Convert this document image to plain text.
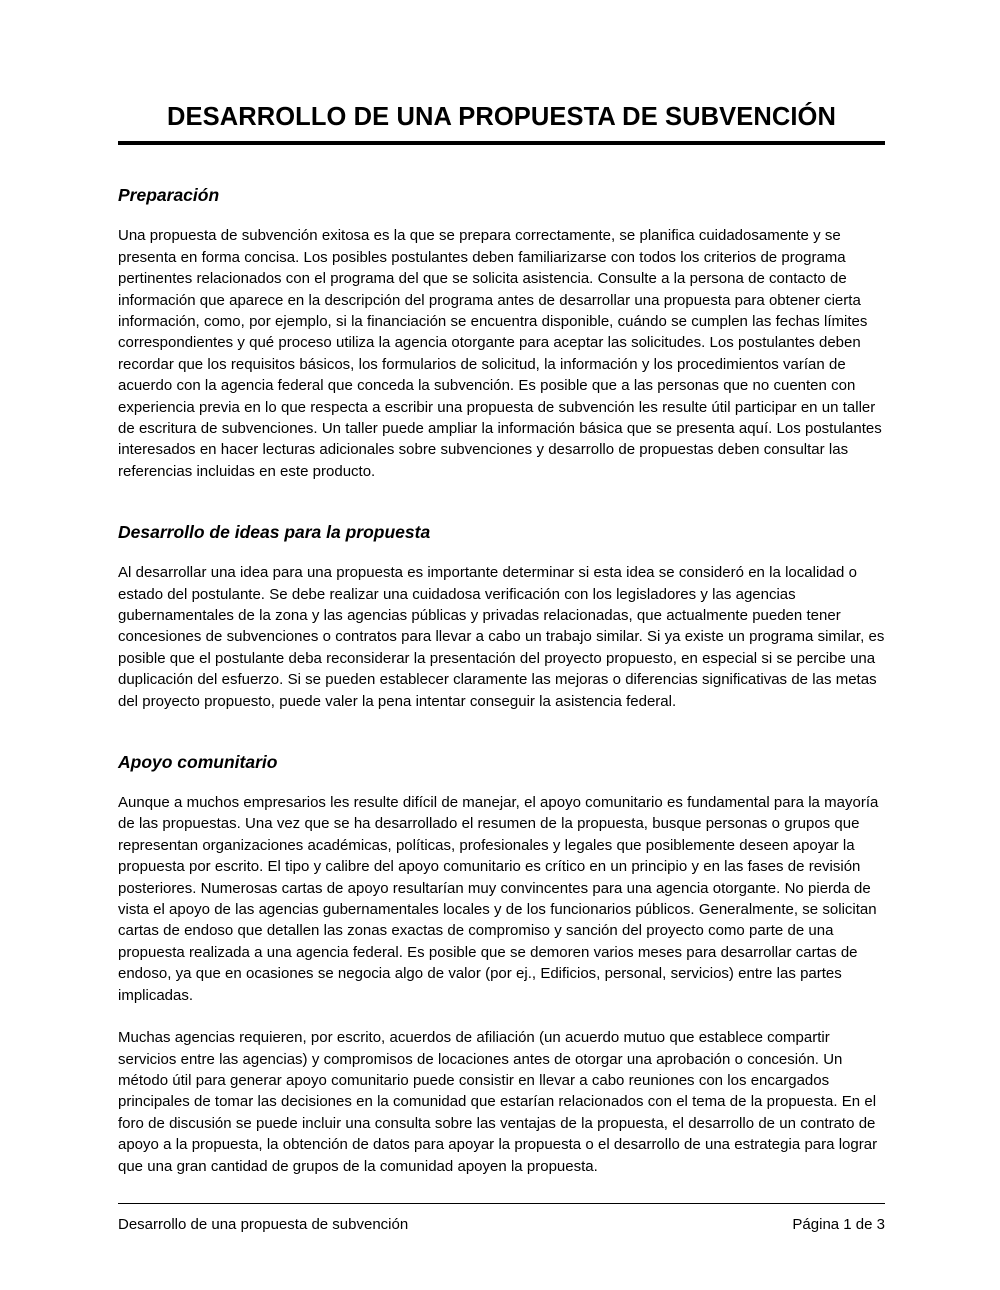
DESARROLLO DE UNA PROPUESTA DE SUBVENCIÓN
Preparación

Una propuesta de subvención exitosa es la que se prepara correctamente, se planifica cuidadosamente y se presenta en forma concisa. Los posibles postulantes deben familiarizarse con todos los criterios de programa pertinentes relacionados con el programa del que se solicita asistencia. Consulte a la persona de contacto de información que aparece en la descripción del programa antes de desarrollar una propuesta para obtener cierta información, como, por ejemplo, si la financiación se encuentra disponible, cuándo se cumplen las fechas límites correspondientes y qué proceso utiliza la agencia otorgante para aceptar las solicitudes. Los postulantes deben recordar que los requisitos básicos, los formularios de solicitud, la información y los procedimientos varían de acuerdo con la agencia federal que conceda la subvención. Es posible que a las personas que no cuenten con experiencia previa en lo que respecta a escribir una propuesta de subvención les resulte útil participar en un taller de escritura de subvenciones. Un taller puede ampliar la información básica que se presenta aquí. Los postulantes interesados en hacer lecturas adicionales sobre subvenciones y desarrollo de propuestas deben consultar las referencias incluidas en este producto.

Desarrollo de ideas para la propuesta

Al desarrollar una idea para una propuesta es importante determinar si esta idea se consideró en la localidad o estado del postulante. Se debe realizar una cuidadosa verificación con los legisladores y las agencias gubernamentales de la zona y las agencias públicas y privadas relacionadas, que actualmente pueden tener concesiones de subvenciones o contratos para llevar a cabo un trabajo similar. Si ya existe un programa similar, es posible que el postulante deba reconsiderar la presentación del proyecto propuesto, en especial si se percibe una duplicación del esfuerzo. Si se pueden establecer claramente las mejoras o diferencias significativas de las metas del proyecto propuesto, puede valer la pena intentar conseguir la asistencia federal.

Apoyo comunitario

Aunque a muchos empresarios les resulte difícil de manejar, el apoyo comunitario es fundamental para la mayoría de las propuestas. Una vez que se ha desarrollado el resumen de la propuesta, busque personas o grupos que representan organizaciones académicas, políticas, profesionales y legales que posiblemente deseen apoyar la propuesta por escrito. El tipo y calibre del apoyo comunitario es crítico en un principio y en las fases de revisión posteriores. Numerosas cartas de apoyo resultarían muy convincentes para una agencia otorgante. No pierda de vista el apoyo de las agencias gubernamentales locales y de los funcionarios públicos. Generalmente, se solicitan cartas de endoso que detallen las zonas exactas de compromiso y sanción del proyecto como parte de una propuesta realizada a una agencia federal. Es posible que se demoren varios meses para desarrollar cartas de endoso, ya que en ocasiones se negocia algo de valor (por ej., Edificios, personal, servicios) entre las partes implicadas.

Muchas agencias requieren, por escrito, acuerdos de afiliación (un acuerdo mutuo que establece compartir servicios entre las agencias) y compromisos de locaciones antes de otorgar una aprobación o concesión. Un método útil para generar apoyo comunitario puede consistir en llevar a cabo reuniones con los encargados principales de tomar las decisiones en la comunidad que estarían relacionados con el tema de la propuesta. En el foro de discusión se puede incluir una consulta sobre las ventajas de la propuesta, el desarrollo de un contrato de apoyo a la propuesta, la obtención de datos para apoyar la propuesta o el desarrollo de una estrategia para lograr que una gran cantidad de grupos de la comunidad apoyen la propuesta.

Desarrollo de una propuesta de subvención	Página 1 de 3
